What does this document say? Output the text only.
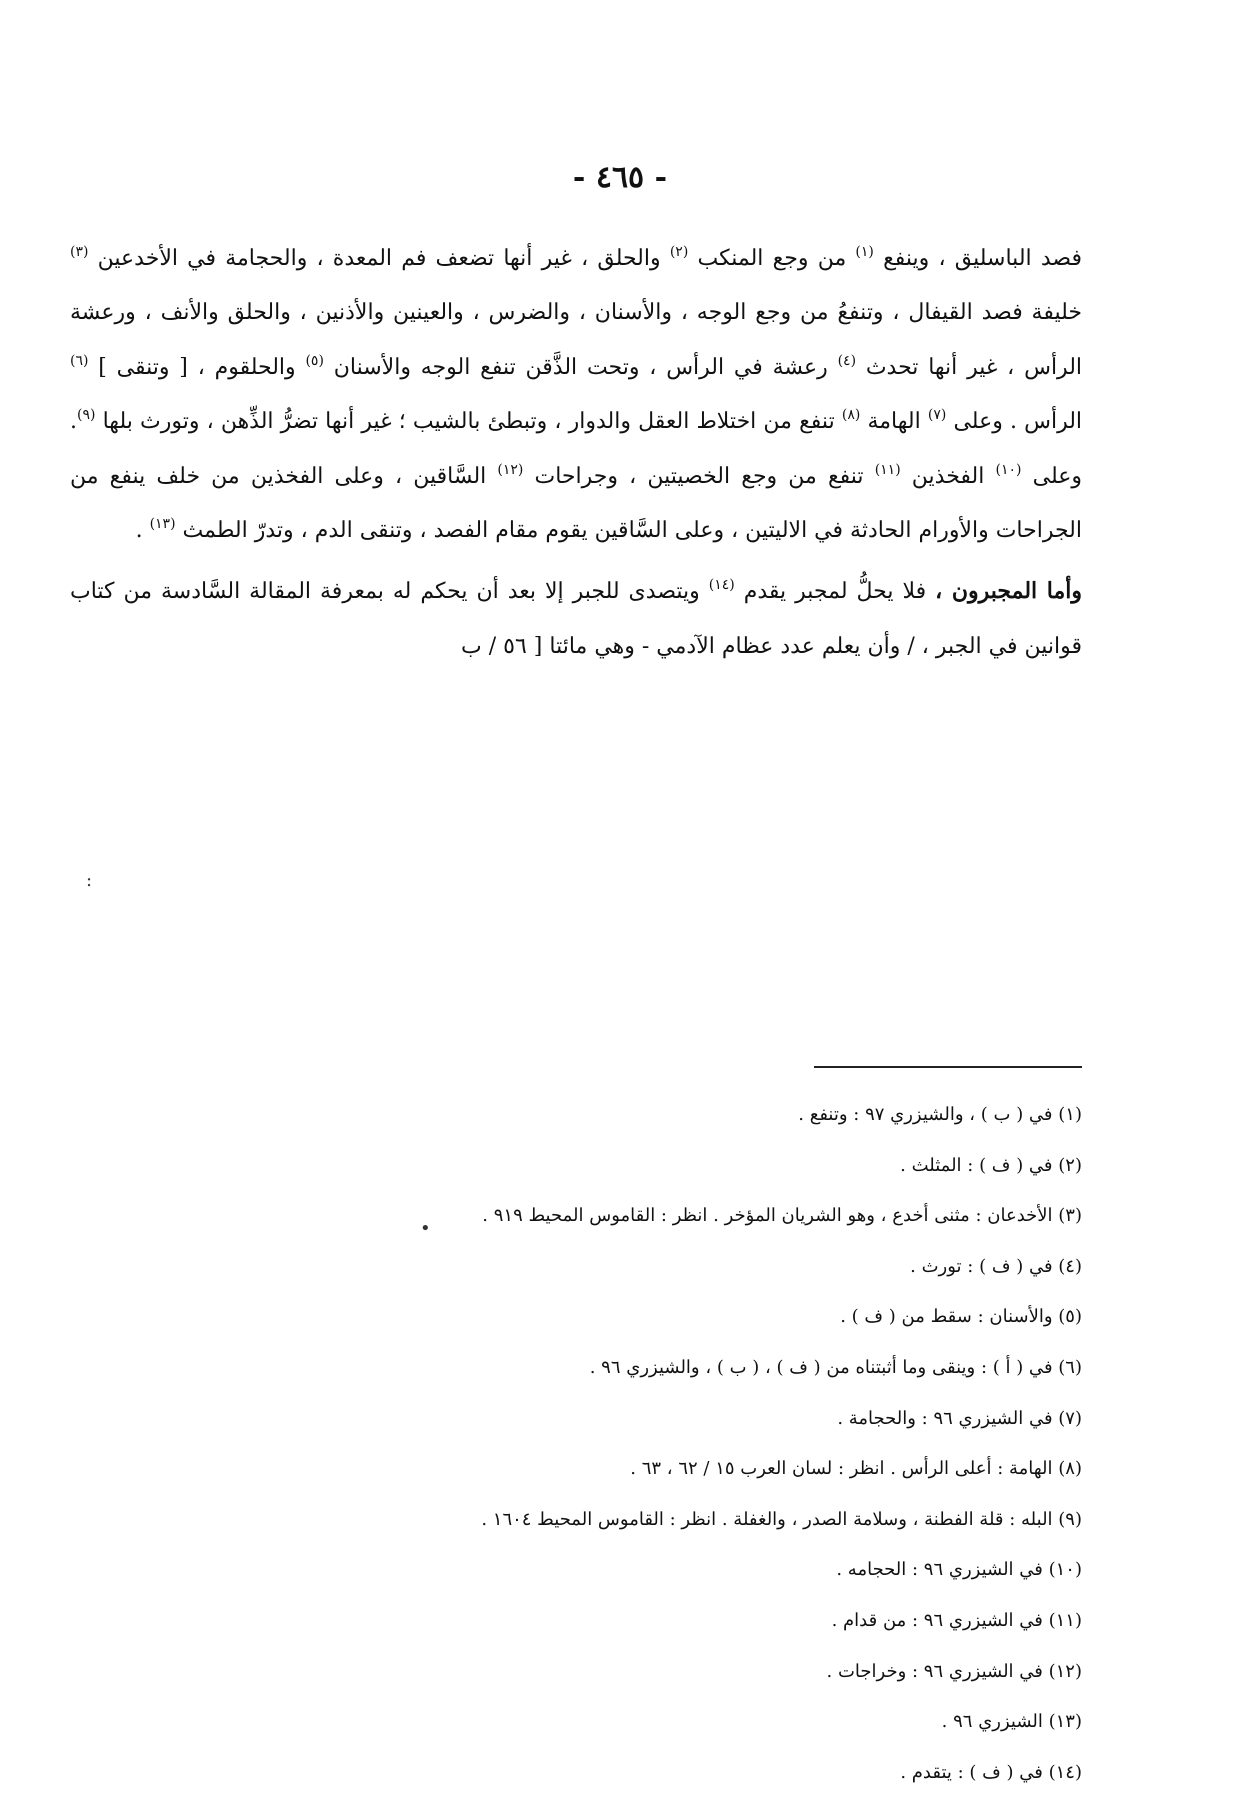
- ٤٦٥ -

فصد الباسليق ، وينفع $^{(١)}$ من وجع المنكب $^{(٢)}$ والحلق ، غير أنها تضعف فم المعدة ، والحجامة في الأخدعين $^{(٣)}$ خليفة فصد القيفال ، وتنفعُ من وجع الوجه ، والأسنان ، والضرس ، والعينين والأذنين ، والحلق والأنف ، ورعشة الرأس ، غير أنها تحدث $^{(٤)}$ رعشة في الرأس ، وتحت الذَّقن تنفع الوجه والأسنان $^{(٥)}$ والحلقوم ، [ وتنقى ] $^{(٦)}$ الرأس . وعلى $^{(٧)}$ الهامة $^{(٨)}$ تنفع من اختلاط العقل والدوار ، وتبطئ بالشيب ؛ غير أنها تضرُّ الذِّهن ، وتورث بلها $^{(٩)}$. وعلى $^{(١٠)}$ الفخذين $^{(١١)}$ تنفع من وجع الخصيتين ، وجراحات $^{(١٢)}$ السَّاقين ، وعلى الفخذين من خلف ينفع من الجراحات والأورام الحادثة في الاليتين ، وعلى السَّاقين يقوم مقام الفصد ، وتنقى الدم ، وتدرّ الطمث $^{(١٣)}$ .

وأما المجبرون ، فلا يحلُّ لمجبر يقدم $^{(١٤)}$ ويتصدى للجبر إلا بعد أن يحكم له بمعرفة المقالة السَّادسة من كتاب قوانين في الجبر ، / وأن يعلم عدد عظام الآدمي - وهي مائتا [ ٥٦ / ب

:

(١) في ( ب ) ، والشيزري ٩٧ : وتنفع .

(٢) في ( ف ) : المثلث .

(٣) الأخدعان : مثنى أخدع ، وهو الشريان المؤخر . انظر : القاموس المحيط ٩١٩ .

(٤) في ( ف ) : تورث .

(٥) والأسنان : سقط من ( ف ) .

(٦) في ( أ ) : وينقى وما أثبتناه من ( ف ) ، ( ب ) ، والشيزري ٩٦ .

(٧) في الشيزري ٩٦ : والحجامة .

(٨) الهامة : أعلى الرأس . انظر : لسان العرب ١٥ / ٦٢ ، ٦٣ .

(٩) البله : قلة الفطنة ، وسلامة الصدر ، والغفلة . انظر : القاموس المحيط ١٦٠٤ .

(١٠) في الشيزري ٩٦ : الحجامه .

(١١) في الشيزري ٩٦ : من قدام .

(١٢) في الشيزري ٩٦ : وخراجات .

(١٣) الشيزري ٩٦ .

(١٤) في ( ف ) : يتقدم .

•
